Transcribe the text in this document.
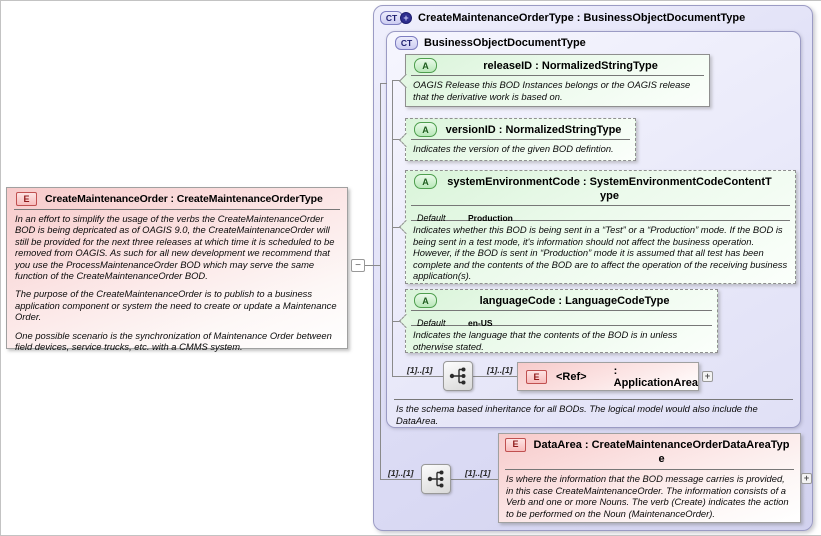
CT + CreateMaintenanceOrderType : BusinessObjectDocumentType
CT	BusinessObjectDocumentType
E	CreateMaintenanceOrder : CreateMaintenanceOrderType

In an effort to simplify the usage of the verbs the CreateMaintenanceOrder BOD is being depricated as of OAGIS 9.0, the CreateMaintenanceOrder will still be provided for the next three releases at which time it is scheduled to be removed from OAGIS. As such for all new development we recommend that you use the ProcessMaintenanceOrder BOD which may serve the same function of the CreateMaintenanceOrder BOD.

The purpose of the CreateMaintenanceOrder is to publish to a business application component or system the need to create or update a Maintenance Order.

One possible scenario is the synchronization of Maintenance Order between field devices, service trucks, etc. with a CMMS system.

−
A	releaseID : NormalizedStringType
OAGIS Release this BOD Instances belongs or the OAGIS release that the derivative work is based on.
A	versionID : NormalizedStringType
Indicates the version of the given BOD defintion.
A	systemEnvironmentCode : SystemEnvironmentCodeContentType
Default	Production
Indicates whether this BOD is being sent in a “Test” or a “Production” mode. If the BOD is being sent in a test mode, it's information should not affect the business operation. However, if the BOD is sent in “Production” mode it is assumed that all test has been complete and the contents of the BOD are to affect the operation of the receiving business application(s).
A	languageCode : LanguageCodeType
Default	en-US
Indicates the language that the contents of the BOD is in unless otherwise stated.
[1]..[1]	[1]..[1]
E	<Ref>	: ApplicationArea
+
Is the schema based inheritance for all BODs. The logical model would also include the DataArea.
[1]..[1]	[1]..[1]
E	DataArea : CreateMaintenanceOrderDataAreaType
Is where the information that the BOD message carries is provided, in this case CreateMaintenanceOrder. The information consists of a Verb and one or more Nouns. The verb (Create) indicates the action to be performed on the Noun (MaintenanceOrder).
+
